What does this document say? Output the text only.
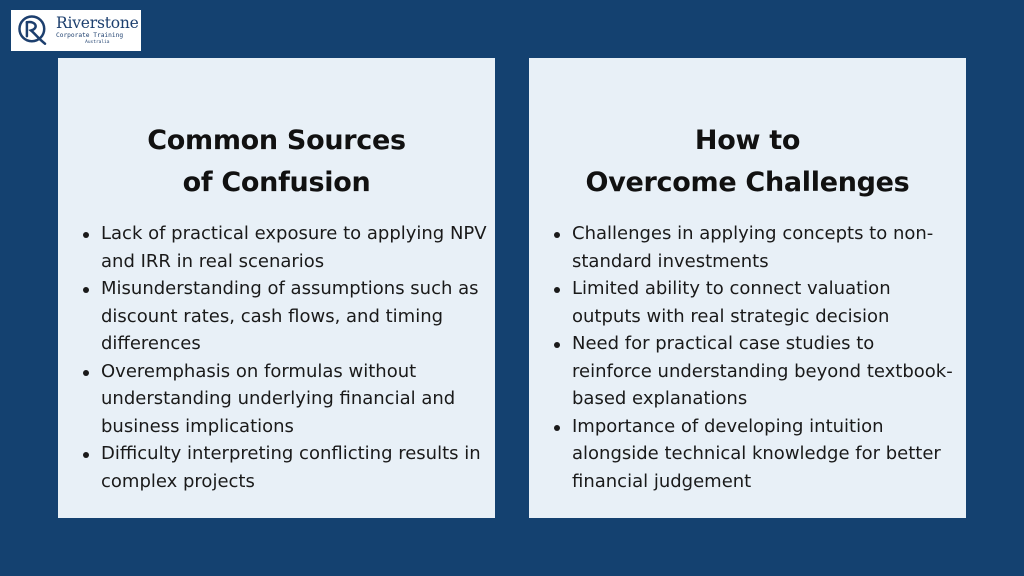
Riverstone
Corporate Training
Australia
Common Sources
of Confusion
Lack of practical exposure to applying NPV and IRR in real scenarios
Misunderstanding of assumptions such as discount rates, cash flows, and timing differences
Overemphasis on formulas without understanding underlying financial and business implications
Difficulty interpreting conflicting results in complex projects
How to
Overcome Challenges
Challenges in applying concepts to non-standard investments
Limited ability to connect valuation outputs with real strategic decision
Need for practical case studies to reinforce understanding beyond textbook-based explanations
Importance of developing intuition alongside technical knowledge for better financial judgement
